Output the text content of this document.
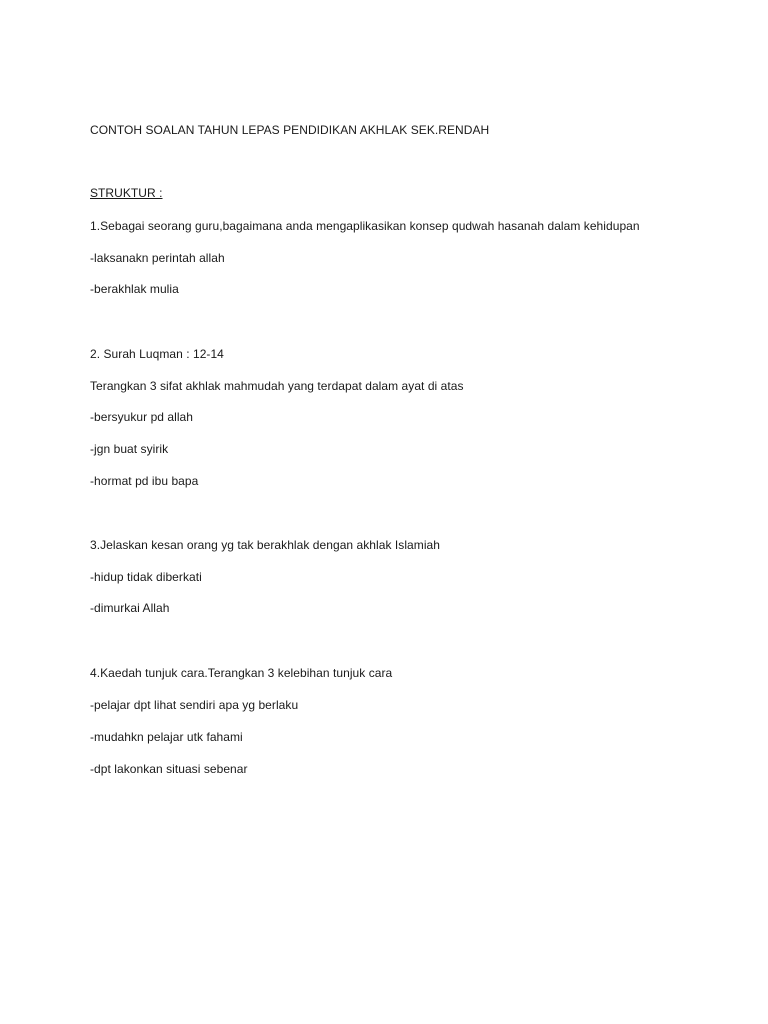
CONTOH SOALAN TAHUN LEPAS PENDIDIKAN AKHLAK SEK.RENDAH
STRUKTUR :
1.Sebagai seorang guru,bagaimana anda mengaplikasikan konsep qudwah hasanah dalam kehidupan
-laksanakn perintah allah
-berakhlak mulia
2. Surah Luqman : 12-14
Terangkan 3 sifat akhlak mahmudah yang terdapat dalam ayat di atas
-bersyukur pd allah
-jgn buat syirik
-hormat pd ibu bapa
3.Jelaskan kesan orang yg tak berakhlak dengan akhlak Islamiah
-hidup tidak diberkati
-dimurkai Allah
4.Kaedah tunjuk cara.Terangkan 3 kelebihan tunjuk cara
-pelajar dpt lihat sendiri apa yg berlaku
-mudahkn pelajar utk fahami
-dpt lakonkan situasi sebenar
